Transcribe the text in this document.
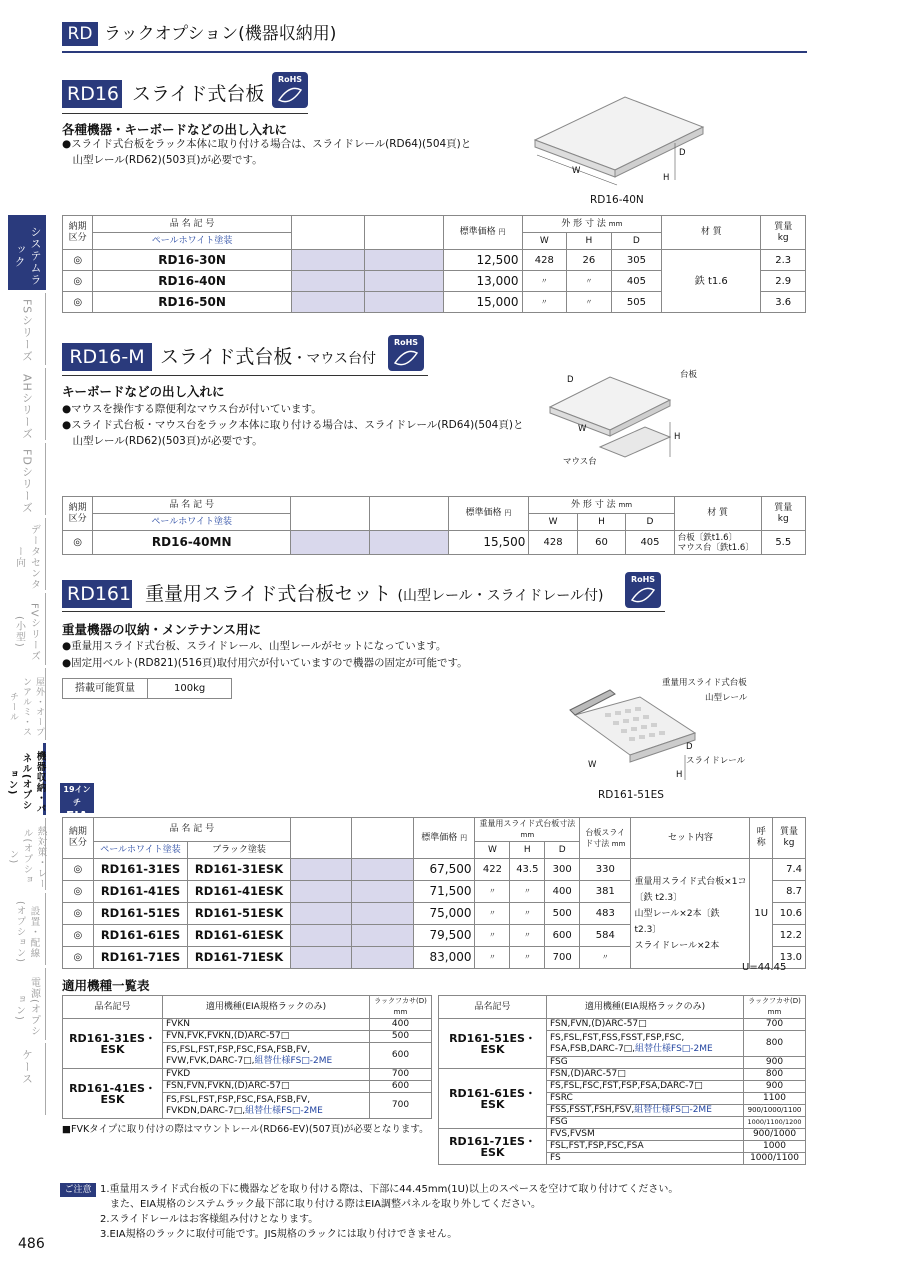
RD ラックオプション(機器収納用)
システムラック
FSシリーズ
AHシリーズ
FDシリーズ
データセンター向
FVシリーズ(小型)
屋外・オープンアルミ・スチール
機器収納・パネル(オプション)
熱対策・レール(オプション)
設置・配線(オプション)
電源(オプション)
ケース
19インチ
EIA
RD16 スライド式台板
RoHS
各種機器・キーボードなどの出し入れに
●スライド式台板をラック本体に取り付ける場合は、スライドレール(RD64)(504頁)と
　山型レール(RD62)(503頁)が必要です。
W
D
H
RD16-40N
納期区分	品 名 記 号			標準価格 円	外 形 寸 法 mm			材 質	質量
kg
	ペールホワイト塗装				W	H	D		
◎	RD16-30N			12,500	428	26	305	鉄 t1.6	2.3
◎	RD16-40N			13,000	〃	〃	405		2.9
◎	RD16-50N			15,000	〃	〃	505		3.6
RD16-M スライド式台板・マウス台付
RoHS
キーボードなどの出し入れに
●マウスを操作する際便利なマウス台が付いています。
●スライド式台板・マウス台をラック本体に取り付ける場合は、スライドレール(RD64)(504頁)と
　山型レール(RD62)(503頁)が必要です。
D	台板
W
H
マウス台
納期区分	品 名 記 号			標準価格 円	外 形 寸 法 mm			材 質	質量
kg
	ペールホワイト塗装				W	H	D		
◎	RD16-40MN			15,500	428	60	405	台板〔鉄t1.6〕
マウス台〔鉄t1.6〕	5.5
RD161 重量用スライド式台板セット (山型レール・スライドレール付)
RoHS
重量機器の収納・メンテナンス用に
●重量用スライド式台板、スライドレール、山型レールがセットになっています。
●固定用ベルト(RD821)(516頁)取付用穴が付いていますので機器の固定が可能です。
搭載可能質量	100kg	重量用スライド式台板
山型レール
D
スライドレール
W
H
RD161-51ES
納期区分	品 名 記 号				標準価格 円	重量用スライド式台板寸法 mm			台板スライド寸法 mm	セット内容	呼称	質量
kg
	ペールホワイト塗装	ブラック塗装				W	H	D				
◎	RD161-31ES	RD161-31ESK			67,500	422	43.5	300	330	重量用スライド式台板×1コ
〔鉄 t2.3〕
山型レール×2本〔鉄 t2.3〕
スライドレール×2本	1U	7.4
◎	RD161-41ES	RD161-41ESK			71,500	〃	〃	400	381			8.7
◎	RD161-51ES	RD161-51ESK			75,000	〃	〃	500	483			10.6
◎	RD161-61ES	RD161-61ESK			79,500	〃	〃	600	584			12.2
◎	RD161-71ES	RD161-71ESK			83,000	〃	〃	700	〃			13.0
U=44.45
適用機種一覧表
品名記号	適用機種(EIA規格ラックのみ)	ラックフカサ(D) mm
RD161-31ES・ESK	FVKN	400
	FVN,FVK,FVKN,(D)ARC-57□	500
	FS,FSL,FST,FSP,FSC,FSA,FSB,FV,
FVW,FVK,DARC-7□,組替仕様FS□-2ME	600
RD161-41ES・ESK	FVKD	700
	FSN,FVN,FVKN,(D)ARC-57□	600
	FS,FSL,FST,FSP,FSC,FSA,FSB,FV,
FVKDN,DARC-7□,組替仕様FS□-2ME	700
■FVKタイプに取り付けの際はマウントレール(RD66-EV)(507頁)が必要となります。
品名記号	適用機種(EIA規格ラックのみ)	ラックフカサ(D) mm
RD161-51ES・ESK	FSN,FVN,(D)ARC-57□	700
	FS,FSL,FST,FSS,FSST,FSP,FSC,
FSA,FSB,DARC-7□,組替仕様FS□-2ME	800
	FSG	900
RD161-61ES・ESK	FSN,(D)ARC-57□	800
	FS,FSL,FSC,FST,FSP,FSA,DARC-7□	900
	FSRC	1100
	FSS,FSST,FSH,FSV,組替仕様FS□-2ME	900/1000/1100
	FSG	1000/1100/1200
RD161-71ES・ESK	FVS,FVSM	900/1000
	FSL,FST,FSP,FSC,FSA	1000
	FS	1000/1100
ご注意 1.重量用スライド式台板の下に機器などを取り付ける際は、下部に44.45mm(1U)以上のスペースを空けて取り付けてください。
　また、EIA規格のシステムラック最下部に取り付ける際はEIA調整パネルを取り外してください。
2.スライドレールはお客様組み付けとなります。
3.EIA規格のラックに取付可能です。JIS規格のラックには取り付けできません。
486
